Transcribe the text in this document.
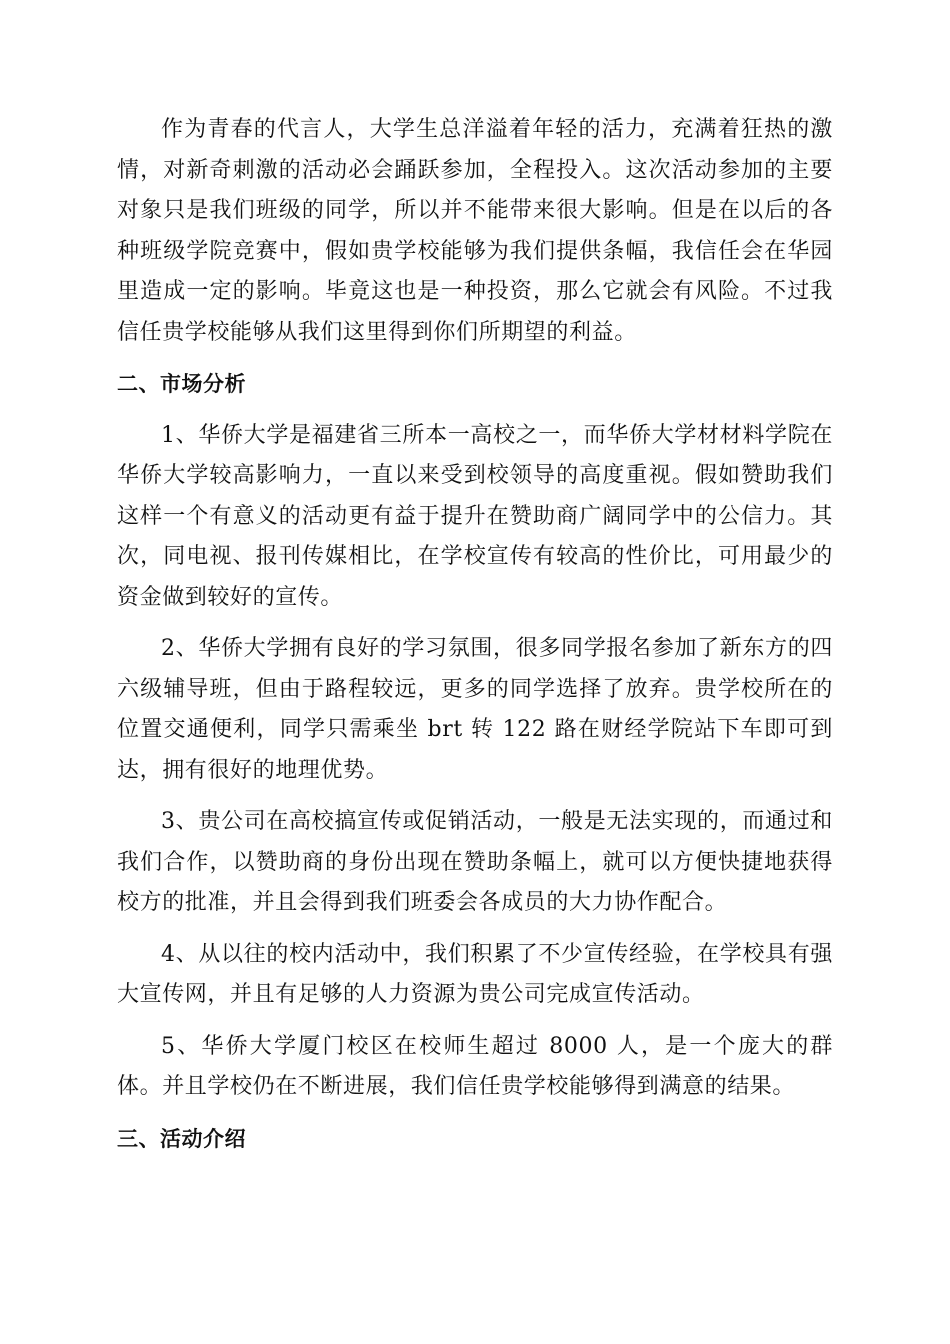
作为青春的代言人，大学生总洋溢着年轻的活力，充满着狂热的激情，对新奇刺激的活动必会踊跃参加，全程投入。这次活动参加的主要对象只是我们班级的同学，所以并不能带来很大影响。但是在以后的各种班级学院竞赛中，假如贵学校能够为我们提供条幅，我信任会在华园里造成一定的影响。毕竟这也是一种投资，那么它就会有风险。不过我信任贵学校能够从我们这里得到你们所期望的利益。

二、市场分析

1、华侨大学是福建省三所本一高校之一，而华侨大学材材料学院在华侨大学较高影响力，一直以来受到校领导的高度重视。假如赞助我们这样一个有意义的活动更有益于提升在赞助商广阔同学中的公信力。其次，同电视、报刊传媒相比，在学校宣传有较高的性价比，可用最少的资金做到较好的宣传。

2、华侨大学拥有良好的学习氛围，很多同学报名参加了新东方的四六级辅导班，但由于路程较远，更多的同学选择了放弃。贵学校所在的位置交通便利，同学只需乘坐 brt 转 122 路在财经学院站下车即可到达，拥有很好的地理优势。

3、贵公司在高校搞宣传或促销活动，一般是无法实现的，而通过和我们合作，以赞助商的身份出现在赞助条幅上，就可以方便快捷地获得校方的批准，并且会得到我们班委会各成员的大力协作配合。

4、从以往的校内活动中，我们积累了不少宣传经验，在学校具有强大宣传网，并且有足够的人力资源为贵公司完成宣传活动。

5、华侨大学厦门校区在校师生超过 8000 人，是一个庞大的群体。并且学校仍在不断进展，我们信任贵学校能够得到满意的结果。

三、活动介绍
